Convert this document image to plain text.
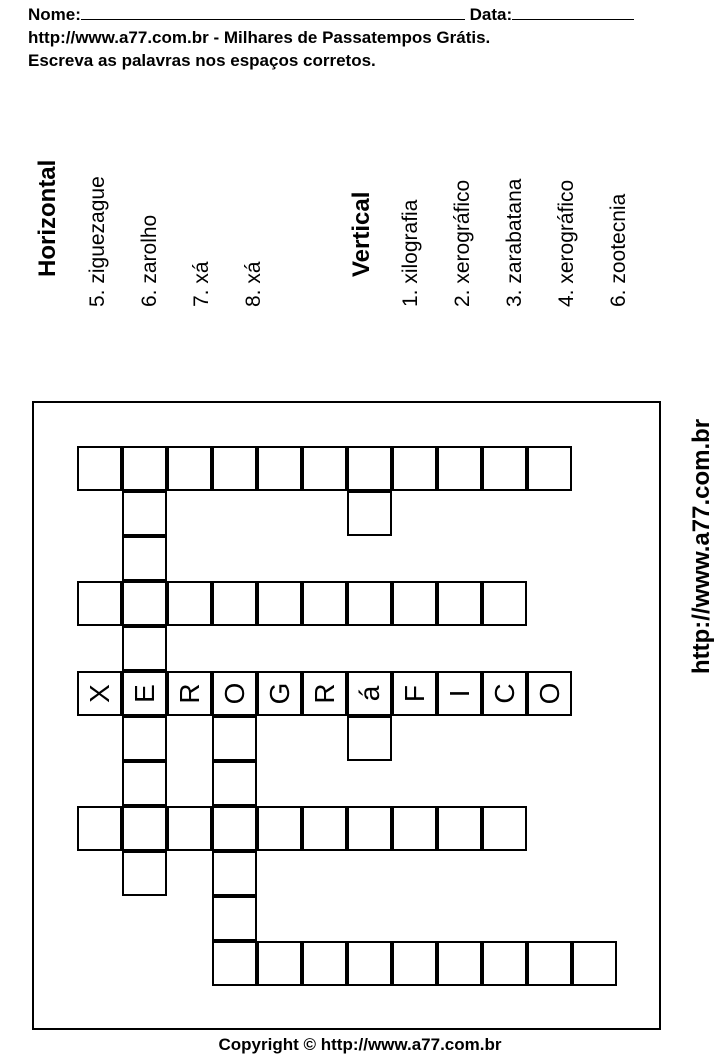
Nome:	Data:
http://www.a77.com.br - Milhares de Passatempos Grátis.
Escreva as palavras nos espaços corretos.
Horizontal 5. ziguezague 6. zarolho 7. xá 8. xá
Vertical 1. xilografia 2. xerográfico 3. zarabatana 4. xerográfico 6. zootecnia
http://www.a77.com.br
X E R O G R á F I C O
Copyright © http://www.a77.com.br
